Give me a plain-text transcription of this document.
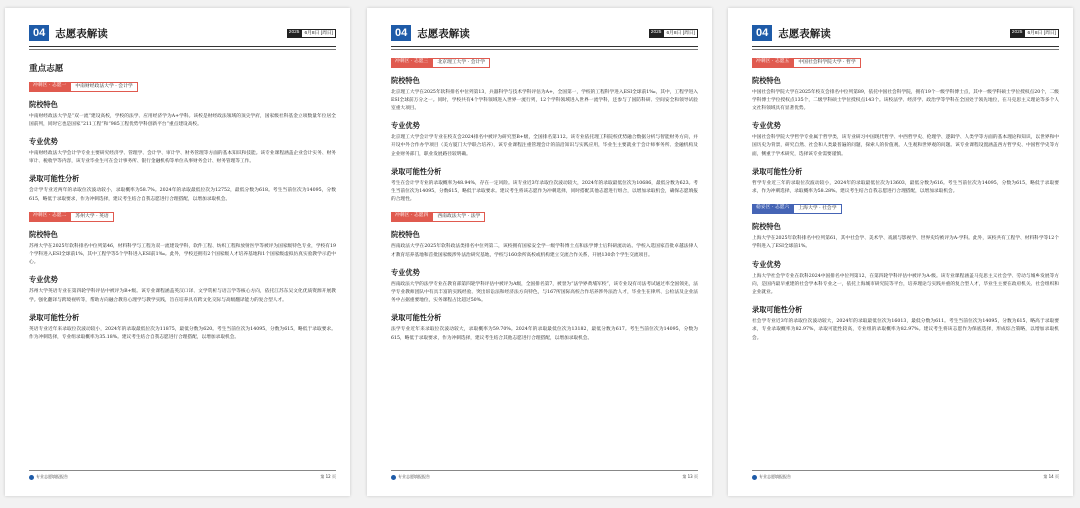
04 志愿表解读	2025	6月8日 [周日]
重点志愿
冲刺区 · 志愿一	中南财经政法大学 · 会计学
院校特色
中南财经政法大学是“双一流”建设高校，学校的法学、应用经济学为A+学科。该校是财经政法领域的顶尖学府，国家级社科基金立项数量年位居全国前列，同时它也是国家“211工程”和“985工程优势学科创新平台”重点建设高校。
专业优势
中南财经政法大学会计学专业主要研究经济学、管理学、会计学、审计学、财务管理等方面的基本知识和技能。该专业课程涵盖企业会计实务、财务审计、税收学等内容，该专业毕业生可在会计事务所、银行金融机构等单位从事财务会计、财务管理等工作。
录取可能性分析
会计学专业近两年的录取位次波动较小，录取概率为58.7%。2024年的录取最低位次为12752，最低分数为618。考生当前位次为14095，分数615，略低于录取要求，作为冲刺选择，建议考生结合自我志愿进行合理搭配，以增加录取机会。
冲刺区 · 志愿二	苏州大学 · 英语
院校特色
苏州大学在2025年软科排名中位列第46，材料科学与工程为双一流建设学科，软件工程、纺织工程和放射医学等被评为国家级特色专业，学校有19个学科进入ESI全球前1%，其中工程学等5个学科进入ESI前1‰。此外，学校还拥有2个国家级人才培养基地和1个国家级虚拟仿真实验教学示范中心。
专业优势
苏州大学英语专业在第四轮学科评估中被评为B+级。该专业课程涵盖英汉口译、文学赏析与语言学等核心方向，依托江苏东吴文化优质资源开展教学。强化翻译与跨境视听等，帮助方向融合教育心理学与教学实践，旨在培养具有跨文化交际与高级翻译能力的复合型人才。
录取可能性分析
英语专业近年来录取位次波动较小，2024年的录取最低位次为11875，最低分数为620。考生当前位次为14095，分数为615，略低于录取要求。作为冲刺选择，专业组录取概率为35.18%。建议考生结合自我志愿进行合理搭配，以增加录取机会。
专业志愿填报报告	第 12 页
04 志愿表解读	2025	6月8日 [周日]
冲刺区 · 志愿三	北京理工大学 · 会计学
院校特色
北京理工大学在2025年软科排名中位列第13，兵器科学与技术学科评估为A+，全国第一，学校的工程科学进入ESI全球前1‰，其中，工程学进入ESI全球前万分之一。同时，学校共有4个学科领域进入世界一流行列，12个学科领域进入世界一流学科，还参与了国防科研、空间安全和领导试验室重大项目。
专业优势
北京理工大学会计学专业在校友会2024排名中被评为研究型B+级，全国排名第112。该专业依托理工科院校优势融合数据分析与智能财务方向，并开设中外合作办学项目（美方厦门大学联合培养），该专业课程注重管理会计的前沿知识与实践应用，毕业生主要就业于会计师事务所、金融机构及企业财务部门，职业发展路径较明确。
录取可能性分析
考生在会计学专业的录取概率为48.94%，存在一定风险。该专业近3年录取位次波动较大，2024年的录取最低位次为10686，最低分数为623。考生当前位次为14095，分数615，略低于录取要求。建议考生将该志愿作为冲刺选择，同时搭配其他志愿进行组合，以增加录取机会，确保志愿填报的合理性。
冲刺区 · 志愿四	西南政法大学 · 法学
院校特色
西南政法大学在2025年软科政法类排名中位列第二，该校拥有国家安全学一级学科博士点和法学博士后科研流动站。学校入选国家首批卓越法律人才教育培养基地和首批国家级涉外法治研究基地，学校与160余所高校或机构建立交流合作关系，开展130余个学生交流项目。
专业优势
西南政法大学的法学专业在教育部第四轮学科评估中被评为A级，全国排名第7，被誉为“法学界黄埔军校”，该专业设有司法考试通过率全国领先，法学专业教师团队中有具丰富的实践经验、突出诉讼法和经济法方向特色，与167所国际高校合作培养涉外法治人才，毕业生在律所、公检法及企业法务中占据重要地位，实务课程占比超过50%。
录取可能性分析
法学专业近年来录取位次波动较大，录取概率为59.70%。2024年的录取最低位次为13182，最低分数为617。考生当前位次为14095，分数为615，略低于录取要求，作为冲刺选择，建议考生结合其他志愿进行合理搭配，以增加录取机会。
专业志愿填报报告	第 13 页
04 志愿表解读	2025	6月8日 [周日]
冲刺区 · 志愿五	中国社会科学院大学 · 哲学
院校特色
中国社会科学院大学在2025年校友会排名中位列第89，依托中国社会科学院，拥有19个一级学科博士点，其中一级学科硕士学位授权点20个，二级学科博士学位授权点135个，二级学科硕士学位授权点143个。该校法学、经济学、政治学等学科在全国处于领先地位，在马克思主义理论等多个人文社科领域具有显著优势。
专业优势
中国社会科学院大学哲学专业属于哲学类，该专业研习中国现代哲学、中西哲学史、伦理学、逻辑学、人类学等方面的基本理论和知识，以世界和中国历史为背景，研究自然、社会和人类最普遍的问题，探索人的价值观、人生观和世界观的问题。该专业课程设置涵盖西方哲学史、中国哲学史等方面，侧重于学术研究，选择该专业需要谨慎。
录取可能性分析
哲学专业近三年的录取位次波动较小，2024年的录取最低位次为13603，最低分数为616。考生当前位次为14095，分数为615，略低于录取要求，作为冲刺选择，录取概率为58.28%。建议考生结合自我志愿进行合理搭配，以增加录取机会。
稳妥区 · 志愿六	上海大学 · 社会学
院校特色
上海大学在2025年软科排名中位列第61，其中社会学、美术学、戏剧与影视学、世界史均被评为A-学科。此外，该校共有工程学、材料科学等12个学科进入了ESI全球前1%。
专业优势
上海大学社会学专业在软科2024中国排名中位列第12，在第四轮学科评估中被评为A-级。该专业课程涵盖马克思主义社会学、劳动与城乡发展等方向，是国内最早重建的社会学本科专业之一，依托上海城市研究院等平台，培养理论与实践并重的复合型人才，毕业生主要在政府机关、社会组织和企业就业。
录取可能性分析
社会学专业近3年的录取位次波动较大，2024年的录取最低位次为16013，最低分数为611。考生当前位次为14095，分数为615，略高于录取要求，专业录取概率为82.97%，录取可能性较高，专业组的录取概率为82.97%。建议考生将该志愿作为保底选择，形成综合策略，以增加录取机会。
专业志愿填报报告	第 14 页
